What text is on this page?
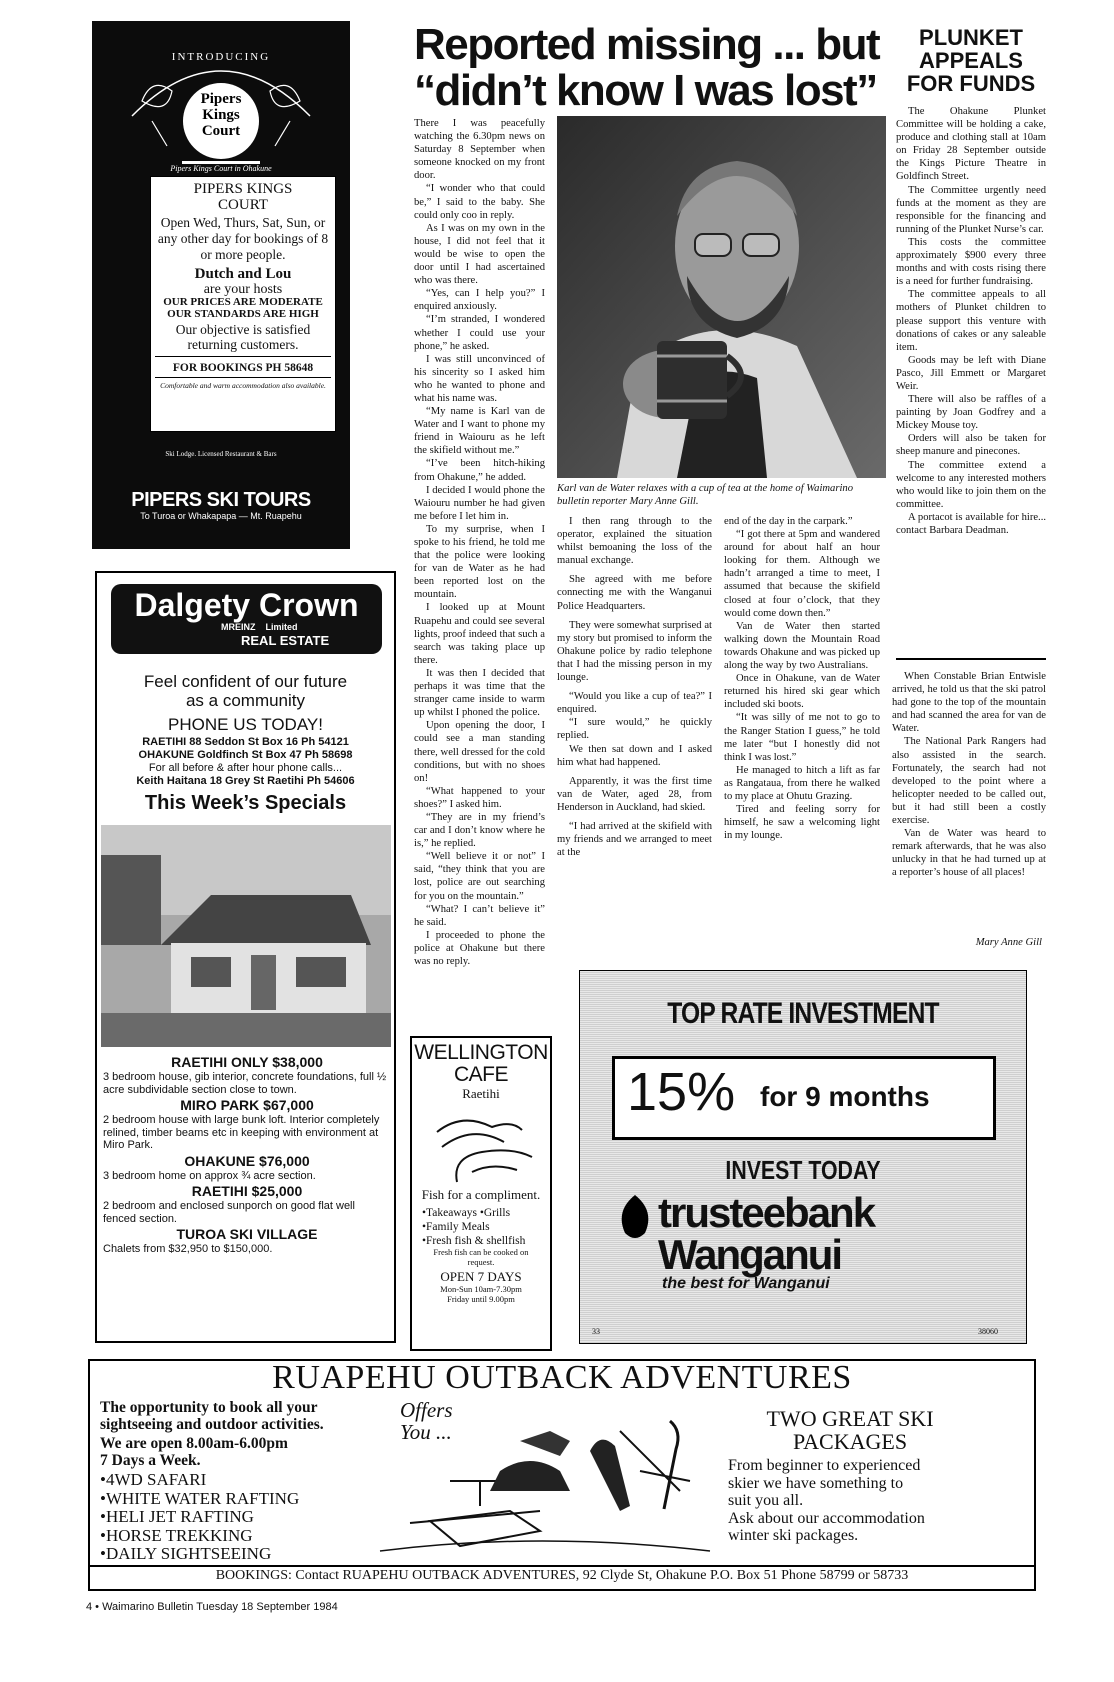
INTRODUCING
Pipers
Kings
Court
Pipers Kings Court in Ohakune
PIPERS KINGS COURT
Open Wed, Thurs, Sat, Sun, or any other day for bookings of 8 or more people.
Dutch and Lou
are your hosts
OUR PRICES ARE MODERATE OUR STANDARDS ARE HIGH
Our objective is satisfied returning customers.
FOR BOOKINGS PH 58648
Comfortable and warm accommodation also available.
Ski Lodge. Licensed Restaurant & Bars
PIPERS SKI TOURS
To Turoa or Whakapapa — Mt. Ruapehu
Reported missing ... but
“didn’t know I was lost”

There I was peacefully watching the 6.30pm news on Saturday 8 September when someone knocked on my front door.

“I wonder who that could be,” I said to the baby. She could only coo in reply.

As I was on my own in the house, I did not feel that it would be wise to open the door until I had ascertained who was there.

“Yes, can I help you?” I enquired anxiously.

“I’m stranded, I wondered whether I could use your phone,” he asked.

I was still unconvinced of his sincerity so I asked him who he wanted to phone and what his name was.

“My name is Karl van de Water and I want to phone my friend in Waiouru as he left the skifield without me.”

“I’ve been hitch-hiking from Ohakune,” he added.

I decided I would phone the Waiouru number he had given me before I let him in.

To my surprise, when I spoke to his friend, he told me that the police were looking for van de Water as he had been reported lost on the mountain.

I looked up at Mount Ruapehu and could see several lights, proof indeed that such a search was taking place up there.

It was then I decided that perhaps it was time that the stranger came inside to warm up whilst I phoned the police.

Upon opening the door, I could see a man standing there, well dressed for the cold conditions, but with no shoes on!

“What happened to your shoes?” I asked him.

“They are in my friend’s car and I don’t know where he is,” he replied.

“Well believe it or not” I said, “they think that you are lost, police are out searching for you on the mountain.”

“What? I can’t believe it” he said.

I proceeded to phone the police at Ohakune but there was no reply.

Karl van de Water relaxes with a cup of tea at the home of Waimarino bulletin reporter Mary Anne Gill.

I then rang through to the operator, explained the situation whilst bemoaning the loss of the manual exchange.

She agreed with me before connecting me with the Wanganui Police Headquarters.

They were somewhat surprised at my story but promised to inform the Ohakune police by radio telephone that I had the missing person in my lounge.

“Would you like a cup of tea?” I enquired.

“I sure would,” he quickly replied.

We then sat down and I asked him what had happened.

Apparently, it was the first time van de Water, aged 28, from Henderson in Auckland, had skied.

“I had arrived at the skifield with my friends and we arranged to meet at the

end of the day in the carpark.”

“I got there at 5pm and wandered around for about half an hour looking for them. Although we hadn’t arranged a time to meet, I assumed that because the skifield closed at four o’clock, that they would come down then.”

Van de Water then started walking down the Mountain Road towards Ohakune and was picked up along the way by two Australians.

Once in Ohakune, van de Water returned his hired ski gear which included ski boots.

“It was silly of me not to go to the Ranger Station I guess,” he told me later “but I honestly did not think I was lost.”

He managed to hitch a lift as far as Rangataua, from there he walked to my place at Ohutu Grazing.

Tired and feeling sorry for himself, he saw a welcoming light in my lounge.

PLUNKET
APPEALS
FOR FUNDS

The Ohakune Plunket Committee will be holding a cake, produce and clothing stall at 10am on Friday 28 September outside the Kings Picture Theatre in Goldfinch Street.

The Committee urgently need funds at the moment as they are responsible for the financing and running of the Plunket Nurse’s car.

This costs the committee approximately $900 every three months and with costs rising there is a need for further fundraising.

The committee appeals to all mothers of Plunket children to please support this venture with donations of cakes or any saleable item.

Goods may be left with Diane Pasco, Jill Emmett or Margaret Weir.

There will also be raffles of a painting by Joan Godfrey and a Mickey Mouse toy.

Orders will also be taken for sheep manure and pinecones.

The committee extend a welcome to any interested mothers who would like to join them on the committee.

A portacot is available for hire... contact Barbara Deadman.

When Constable Brian Entwisle arrived, he told us that the ski patrol had gone to the top of the mountain and had scanned the area for van de Water.

The National Park Rangers had also assisted in the search. Fortunately, the search had not developed to the point where a helicopter needed to be called out, but it had still been a costly exercise.

Van de Water was heard to remark afterwards, that he was also unlucky in that he had turned up at a reporter’s house of all places!

Mary Anne Gill
Dalgety Crown
MREINZ    Limited
REAL ESTATE
Feel confident of our future
as a community
PHONE US TODAY!
RAETIHI 88 Seddon St Box 16 Ph 54121
OHAKUNE Goldfinch St Box 47 Ph 58698
For all before & after hour phone calls...
Keith Haitana 18 Grey St Raetihi Ph 54606
This Week’s Specials
RAETIHI ONLY $38,000
3 bedroom house, gib interior, concrete foundations, full ½ acre subdividable section close to town.
MIRO PARK $67,000
2 bedroom house with large bunk loft. Interior completely relined, timber beams etc in keeping with environment at Miro Park.
OHAKUNE $76,000
3 bedroom home on approx ¾ acre section.
RAETIHI $25,000
2 bedroom and enclosed sunporch on good flat well fenced section.
TUROA SKI VILLAGE
Chalets from $32,950 to $150,000.
WELLINGTON
CAFE
Raetihi
Fish for a compliment.
•Takeaways •Grills
•Family Meals
•Fresh fish & shellfish
Fresh fish can be cooked on request.
OPEN 7 DAYS
Mon-Sun 10am-7.30pm
Friday until 9.00pm
TOP RATE INVESTMENT
15% for 9 months
INVEST TODAY
trusteebank
Wanganui
the best for Wanganui
33	38060
RUAPEHU OUTBACK ADVENTURES
The opportunity to book all your
sightseeing and outdoor activities.
We are open 8.00am-6.00pm
7 Days a Week.
•4WD SAFARI
•WHITE WATER RAFTING
•HELI JET RAFTING
•HORSE TREKKING
•DAILY SIGHTSEEING
Offers
You ...
TWO GREAT SKI
PACKAGES
From beginner to experienced
skier we have something to
suit you all.
Ask about our accommodation
winter ski packages.
BOOKINGS: Contact RUAPEHU OUTBACK ADVENTURES, 92 Clyde St, Ohakune P.O. Box 51 Phone 58799 or 58733
4 • Waimarino Bulletin Tuesday 18 September 1984
